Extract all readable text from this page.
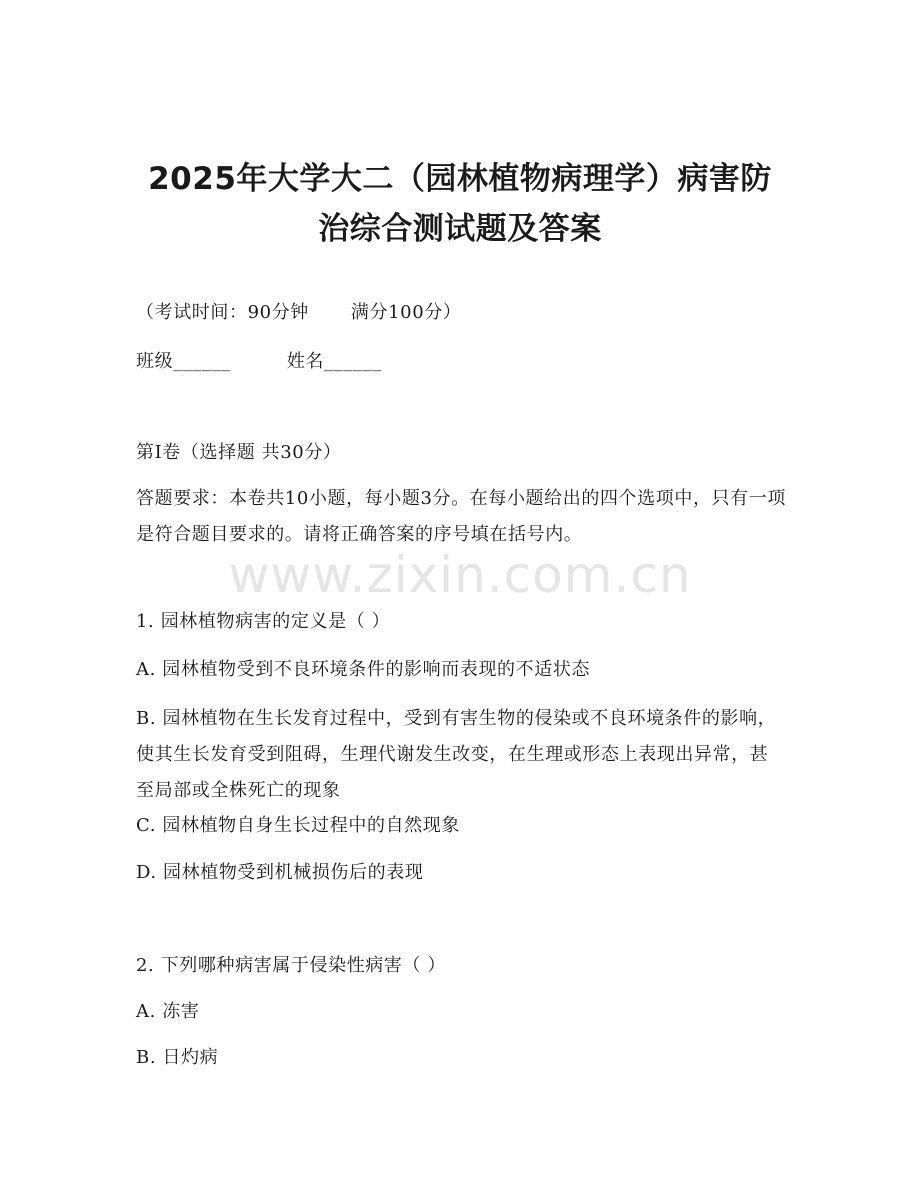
2025年大学大二（园林植物病理学）病害防
治综合测试题及答案
（考试时间：90分钟 满分100分）
班级______	姓名______
第I卷（选择题 共30分）

答题要求：本卷共10小题，每小题3分。在每小题给出的四个选项中，只有一项是符合题目要求的。请将正确答案的序号填在括号内。

1. 园林植物病害的定义是（ ）
A. 园林植物受到不良环境条件的影响而表现的不适状态

B. 园林植物在生长发育过程中，受到有害生物的侵染或不良环境条件的影响，使其生长发育受到阻碍，生理代谢发生改变，在生理或形态上表现出异常，甚至局部或全株死亡的现象

C. 园林植物自身生长过程中的自然现象
D. 园林植物受到机械损伤后的表现
2. 下列哪种病害属于侵染性病害（ ）
A. 冻害
B. 日灼病
www.zixin.com.cn
